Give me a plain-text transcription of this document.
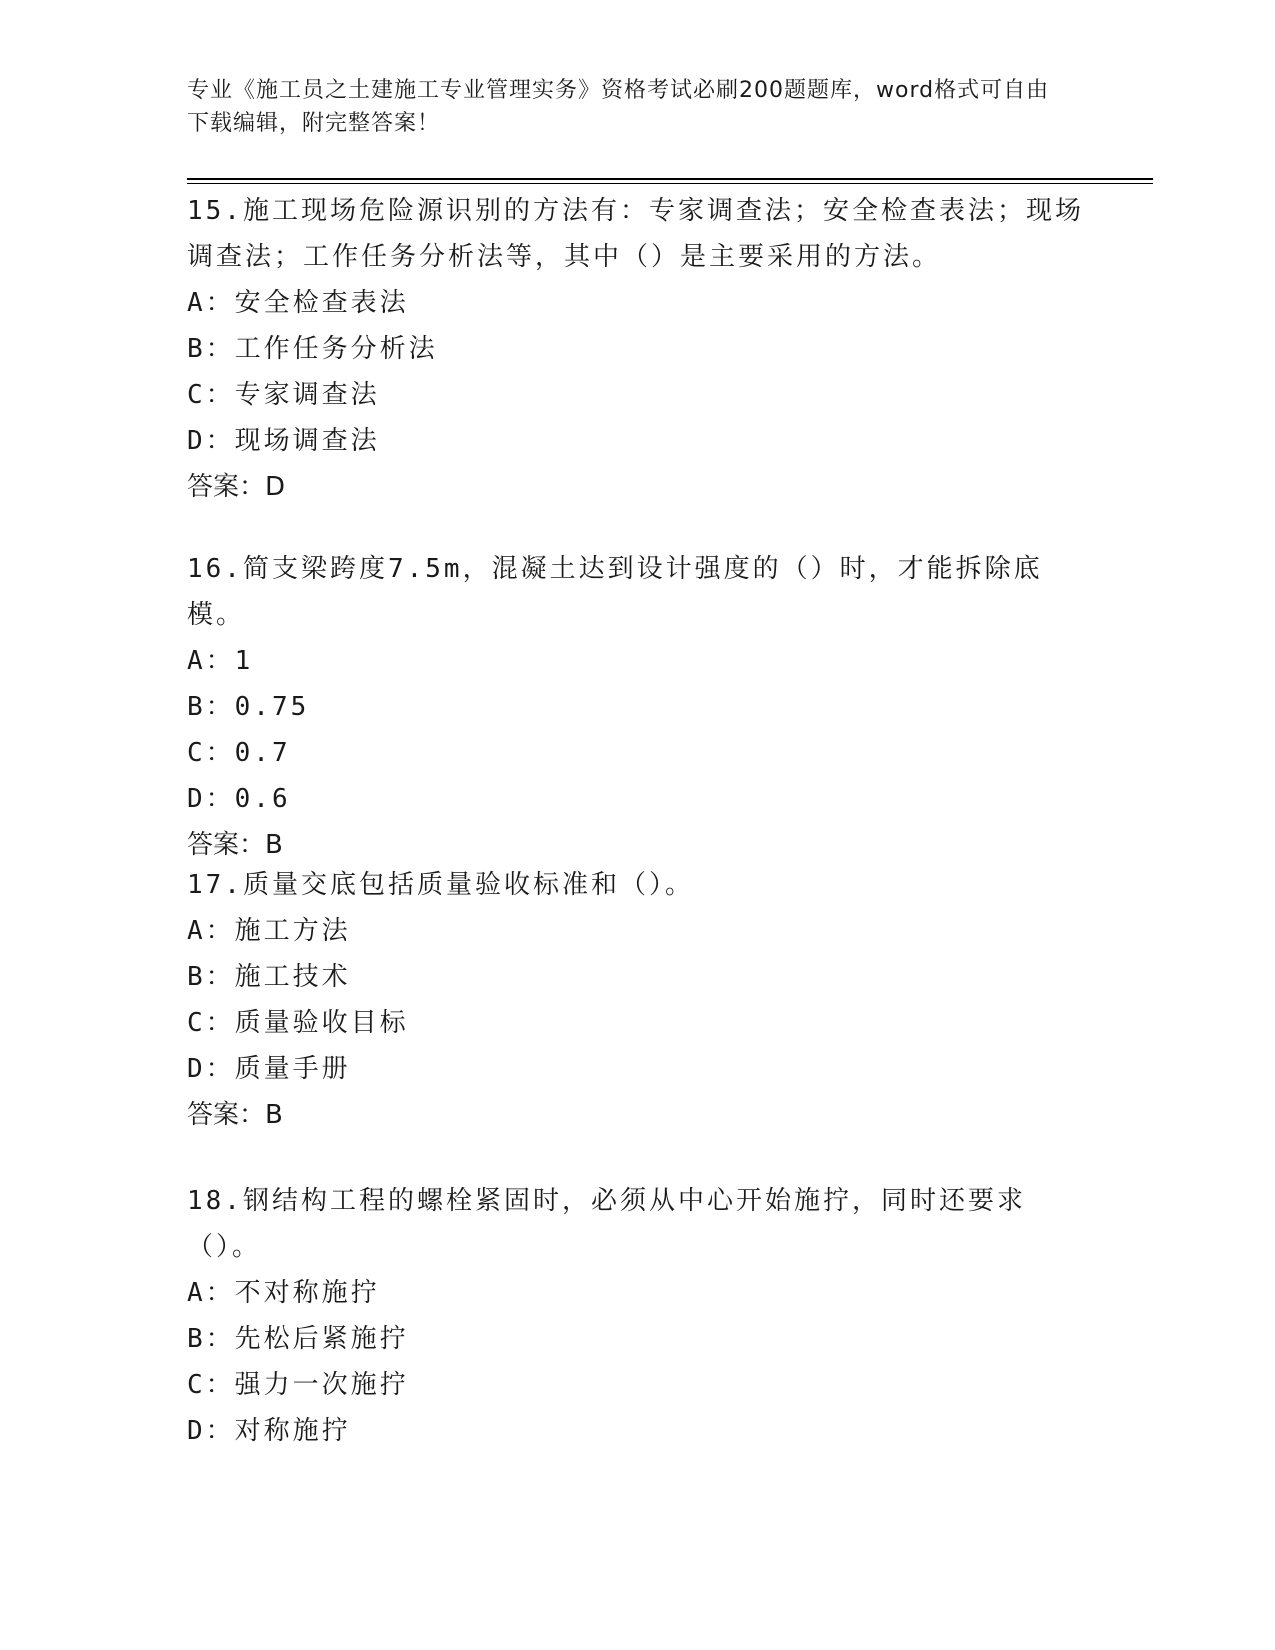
专业《施工员之土建施工专业管理实务》资格考试必刷200题题库，word格式可自由下载编辑，附完整答案！

15.施工现场危险源识别的方法有：专家调查法；安全检查表法；现场调查法；工作任务分析法等，其中（）是主要采用的方法。

A：安全检查表法

B：工作任务分析法

C：专家调查法

D：现场调查法

答案：D

16.简支梁跨度7.5m，混凝土达到设计强度的（）时，才能拆除底模。

A：1

B：0.75

C：0.7

D：0.6

答案：B

17.质量交底包括质量验收标准和（）。

A：施工方法

B：施工技术

C：质量验收目标

D：质量手册

答案：B

18.钢结构工程的螺栓紧固时，必须从中心开始施拧，同时还要求（）。

A：不对称施拧

B：先松后紧施拧

C：强力一次施拧

D：对称施拧
